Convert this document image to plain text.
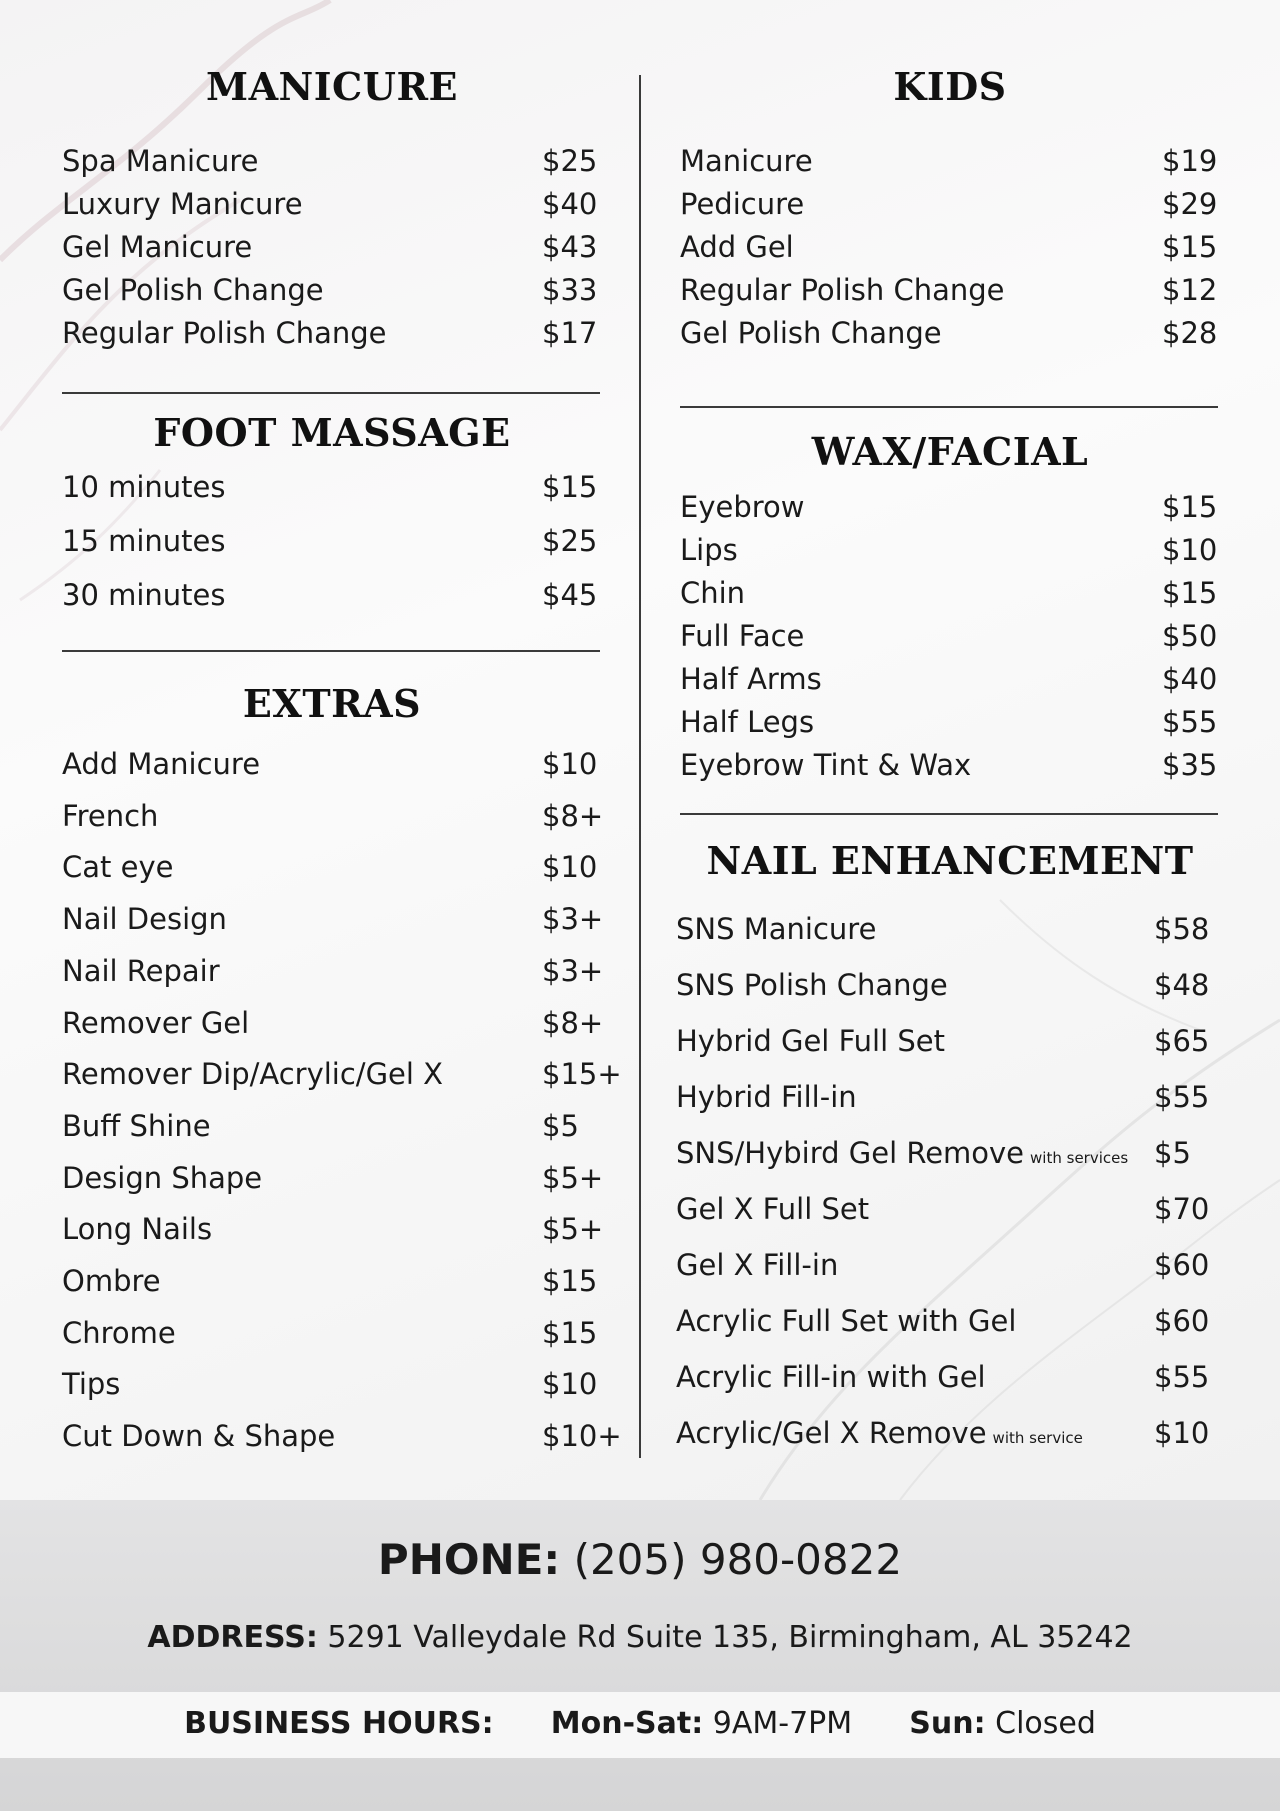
MANICURE
Spa Manicure	$25
Luxury Manicure	$40
Gel Manicure	$43
Gel Polish Change	$33
Regular Polish Change	$17
FOOT MASSAGE
10 minutes	$15
15 minutes	$25
30 minutes	$45
EXTRAS
Add Manicure	$10
French	$8+
Cat eye	$10
Nail Design	$3+
Nail Repair	$3+
Remover Gel	$8+
Remover Dip/Acrylic/Gel X	$15+
Buff Shine	$5
Design Shape	$5+
Long Nails	$5+
Ombre	$15
Chrome	$15
Tips	$10
Cut Down & Shape	$10+
KIDS
Manicure	$19
Pedicure	$29
Add Gel	$15
Regular Polish Change	$12
Gel Polish Change	$28
WAX/FACIAL
Eyebrow	$15
Lips	$10
Chin	$15
Full Face	$50
Half Arms	$40
Half Legs	$55
Eyebrow Tint & Wax	$35
NAIL ENHANCEMENT
SNS Manicure	$58
SNS Polish Change	$48
Hybrid Gel Full Set	$65
Hybrid Fill-in	$55
SNS/Hybird Gel Remove with services $5
Gel X Full Set	$70
Gel X Fill-in	$60
Acrylic Full Set with Gel	$60
Acrylic Fill-in with Gel	$55
Acrylic/Gel X Remove with service $10
PHONE: (205) 980-0822
ADDRESS: 5291 Valleydale Rd Suite 135, Birmingham, AL 35242
BUSINESS HOURS: Mon-Sat: 9AM-7PM Sun: Closed
